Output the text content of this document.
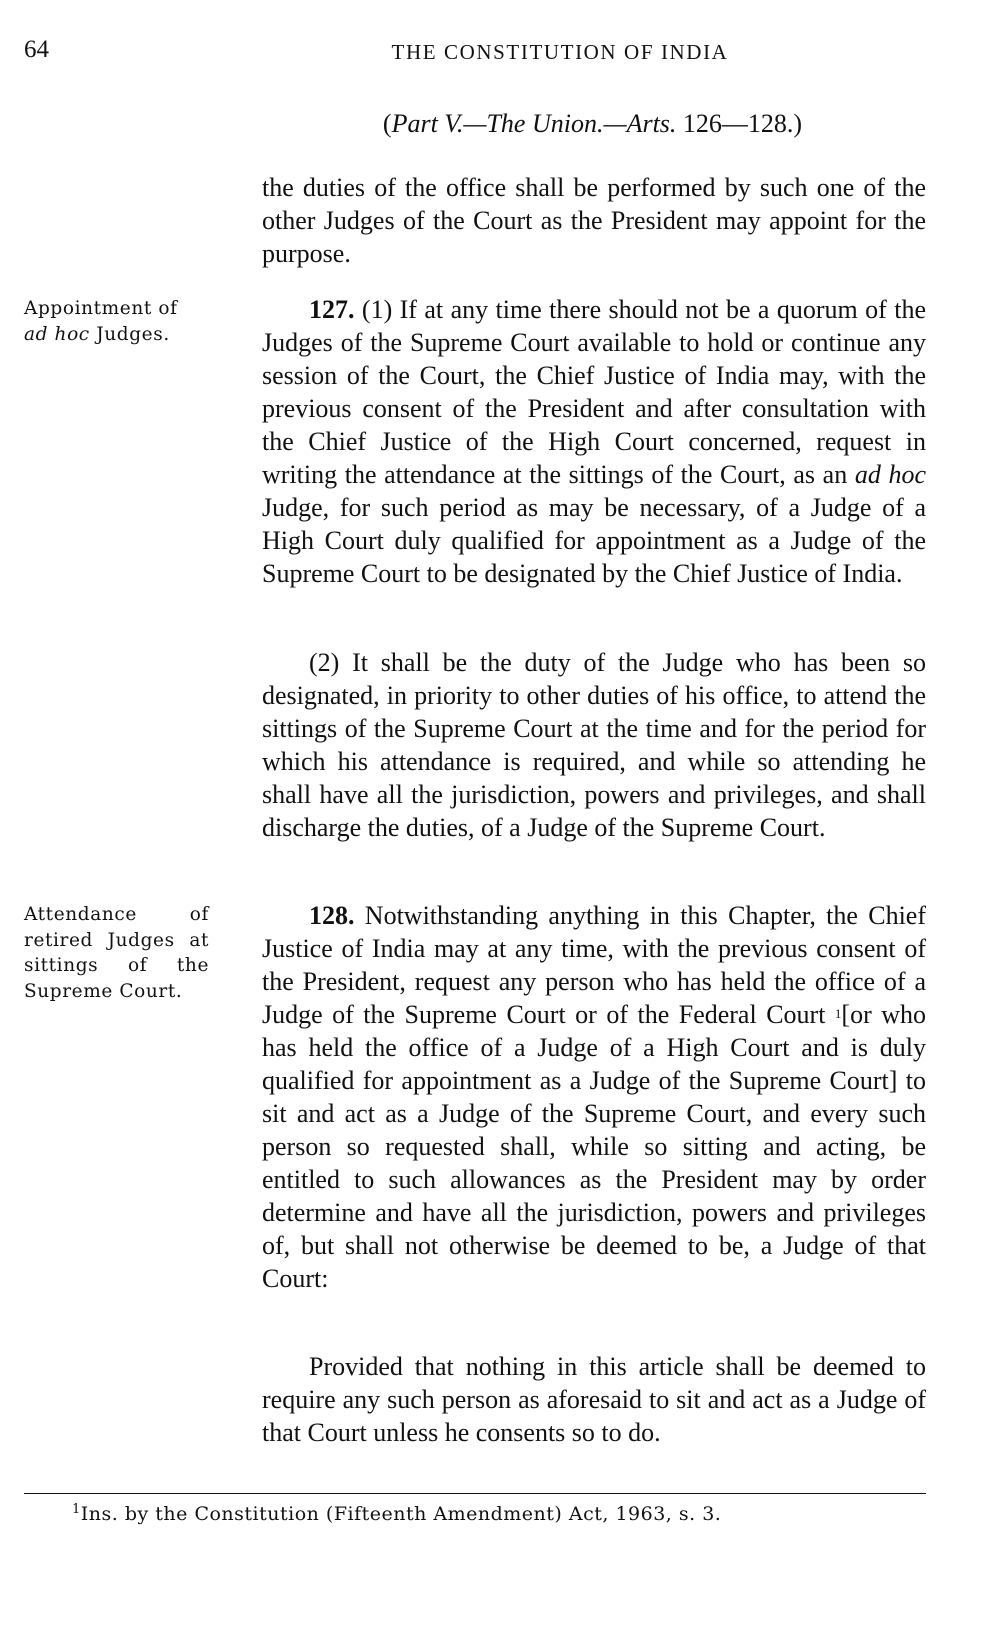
64	THE CONSTITUTION OF INDIA
(Part V.—The Union.—Arts. 126—128.)

the duties of the office shall be performed by such one of the other Judges of the Court as the President may appoint for the purpose.

Appointment of
ad hoc Judges.

127. (1) If at any time there should not be a quorum of the Judges of the Supreme Court available to hold or continue any session of the Court, the Chief Justice of India may, with the previous consent of the President and after consultation with the Chief Justice of the High Court concerned, request in writing the attendance at the sittings of the Court, as an ad hoc Judge, for such period as may be necessary, of a Judge of a High Court duly qualified for appointment as a Judge of the Supreme Court to be designated by the Chief Justice of India.

(2) It shall be the duty of the Judge who has been so designated, in priority to other duties of his office, to attend the sittings of the Supreme Court at the time and for the period for which his attendance is required, and while so attending he shall have all the jurisdiction, powers and privileges, and shall discharge the duties, of a Judge of the Supreme Court.

Attendance of retired Judges at sittings of the Supreme Court.

128. Notwithstanding anything in this Chapter, the Chief Justice of India may at any time, with the previous consent of the President, request any person who has held the office of a Judge of the Supreme Court or of the Federal Court $^1$[or who has held the office of a Judge of a High Court and is duly qualified for appointment as a Judge of the Supreme Court] to sit and act as a Judge of the Supreme Court, and every such person so requested shall, while so sitting and acting, be entitled to such allowances as the President may by order determine and have all the jurisdiction, powers and privileges of, but shall not otherwise be deemed to be, a Judge of that Court:

Provided that nothing in this article shall be deemed to require any such person as aforesaid to sit and act as a Judge of that Court unless he consents so to do.

$^1$Ins. by the Constitution (Fifteenth Amendment) Act, 1963, s. 3.
